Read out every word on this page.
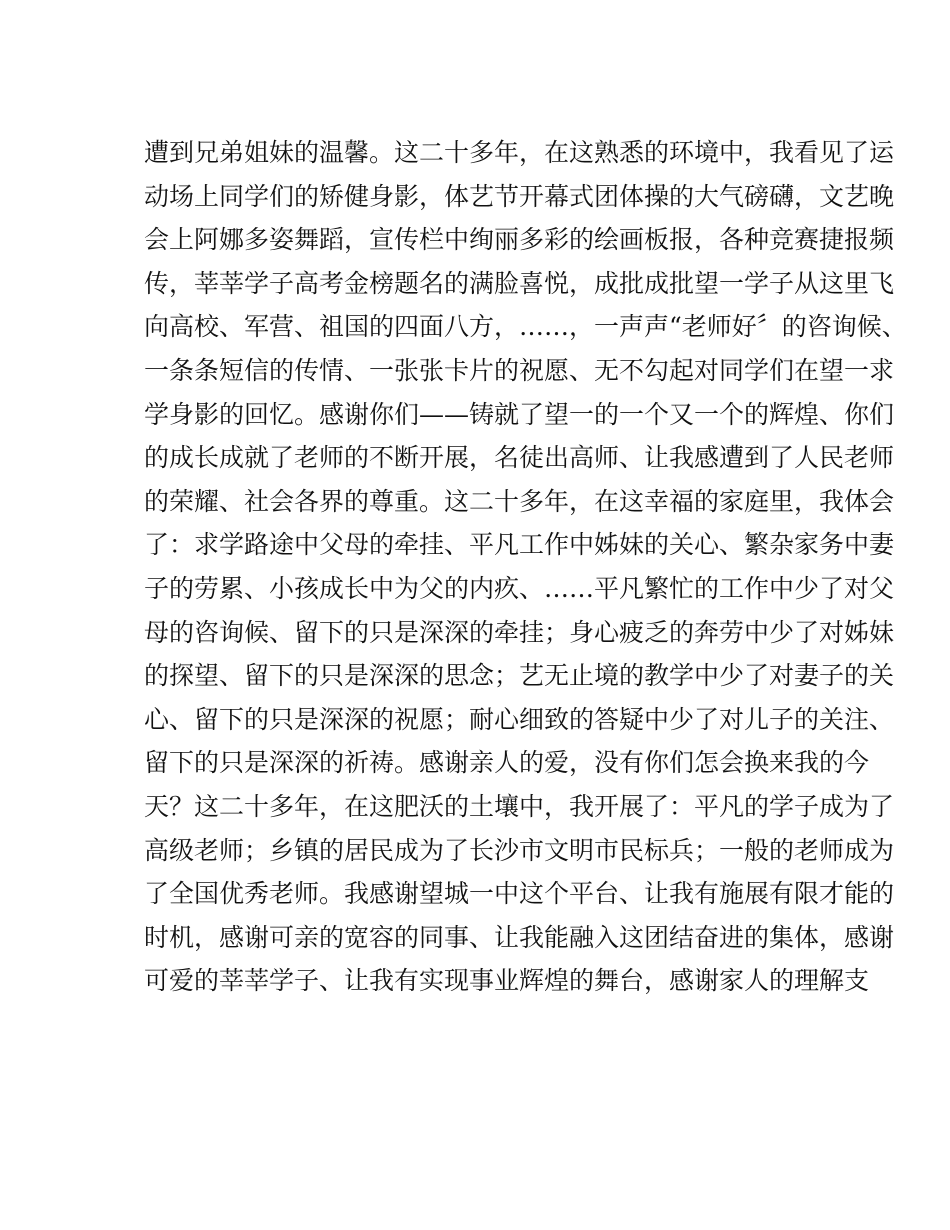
遭到兄弟姐妹的温馨。这二十多年，在这熟悉的环境中，我看见了运
动场上同学们的矫健身影，体艺节开幕式团体操的大气磅礴，文艺晚
会上阿娜多姿舞蹈，宣传栏中绚丽多彩的绘画板报，各种竞赛捷报频
传，莘莘学子高考金榜题名的满脸喜悦，成批成批望一学子从这里飞
向高校、军营、祖国的四面八方，……，一声声“老师好〞的咨询候、
一条条短信的传情、一张张卡片的祝愿、无不勾起对同学们在望一求
学身影的回忆。感谢你们——铸就了望一的一个又一个的辉煌、你们
的成长成就了老师的不断开展，名徒出高师、让我感遭到了人民老师
的荣耀、社会各界的尊重。这二十多年，在这幸福的家庭里，我体会
了：求学路途中父母的牵挂、平凡工作中姊妹的关心、繁杂家务中妻
子的劳累、小孩成长中为父的内疚、……平凡繁忙的工作中少了对父
母的咨询候、留下的只是深深的牵挂；身心疲乏的奔劳中少了对姊妹
的探望、留下的只是深深的思念；艺无止境的教学中少了对妻子的关
心、留下的只是深深的祝愿；耐心细致的答疑中少了对儿子的关注、
留下的只是深深的祈祷。感谢亲人的爱，没有你们怎会换来我的今
天？这二十多年，在这肥沃的土壤中，我开展了：平凡的学子成为了
高级老师；乡镇的居民成为了长沙市文明市民标兵；一般的老师成为
了全国优秀老师。我感谢望城一中这个平台、让我有施展有限才能的
时机，感谢可亲的宽容的同事、让我能融入这团结奋进的集体，感谢
可爱的莘莘学子、让我有实现事业辉煌的舞台，感谢家人的理解支
